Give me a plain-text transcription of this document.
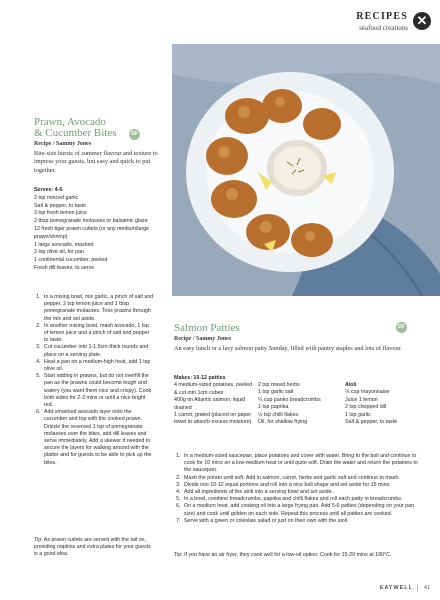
RECIPES
seafood creations ✕
Prawn, Avocado
& Cucumber Bites	DF
Recipe / Sammy Jones
Bite-size bursts of summer flavour and texture to impress your guests, but easy and quick to put together.

Serves: 4-6

2 tsp minced garlic

Salt & pepper, to taste

3 tsp fresh lemon juice

2 tbsp pomegranate molasses or balsamic glaze

12 fresh tiger prawn cutlets (or any medium/large prawn/shrimp)

1 large avocado, mashed

2 tsp olive oil, for pan

1 continental cucumber, peeled

Fresh dill leaves, to serve

1. In a mixing bowl, mix garlic, a pinch of salt and pepper, 2 tsp lemon juice and 1 tbsp pomegranate molasses. Toss prawns through the mix and set aside.
2. In another mixing bowl, mash avocado, 1 tsp of lemon juice and a pinch of salt and pepper to taste.
3. Cut cucumber into 1-1.5cm-thick rounds and place on a serving plate.
4. Heat a pan on a medium-high heat, add 1 tsp olive oil.
5. Start adding in prawns, but do not overfill the pan as the prawns could become tough and watery (you want them nice and crispy). Cook both sides for 2-3 mins or until a nice bright red.
6. Add smashed avocado layer onto the cucumber and top with the cooked prawn. Drizzle the reserved 1 tsp of pomegranate molasses over the bites, add dill leaves and serve immediately. Add a skewer if needed to secure the layers for walking around with the platter and for guests to be able to pick up the bites.
Tip: As prawn cutlets are served with the tail on, providing napkins and extra plates for your guests is a good idea.
Salmon Patties	DF
Recipe / Sammy Jones
An easy lunch or a lazy salmon patty Sunday, filled with pantry staples and lots of flavour.

Makes: 10-12 patties

4 medium-sized potatoes, peeled & cut into 1cm cubes

400g tin Atlantic salmon, liquid drained

1 carrot, grated (placed on paper towel to absorb excess moisture)

2 tsp mixed herbs

1 tsp garlic salt

¼ cup panko breadcrumbs

1 tsp paprika

½ tsp chilli flakes

Oil, for shallow frying

Aioli

⅓ cup mayonnaise

Juice 1 lemon

2 tsp chopped dill

1 tsp garlic

Salt & pepper, to taste

1. In a medium-sized saucepan, place potatoes and cover with water. Bring to the boil and continue to cook for 10 mins on a low-medium heat or until quite soft. Drain the water and return the potatoes to the saucepan.
2. Mash the potato until soft. Add in salmon, carrot, herbs and garlic salt and continue to mash.
3. Divide into 10-12 equal portions and roll into a nice ball shape and set aside for 15 mins.
4. Add all ingredients of the aioli into a serving bowl and set aside.
5. In a bowl, combine breadcrumbs, paprika and chilli flakes and roll each patty in breadcrumbs.
6. On a medium heat, add cooking oil into a large frying pan. Add 5-6 patties (depending on your pan size) and cook until golden on each side. Repeat this process until all patties are cooked.
7. Serve with a green or coleslaw salad or just on their own with the aioli.
Tip: If you have an air fryer, they cook well for a low-oil option. Cook for 15-20 mins at 180°C.
EATWELL 41
